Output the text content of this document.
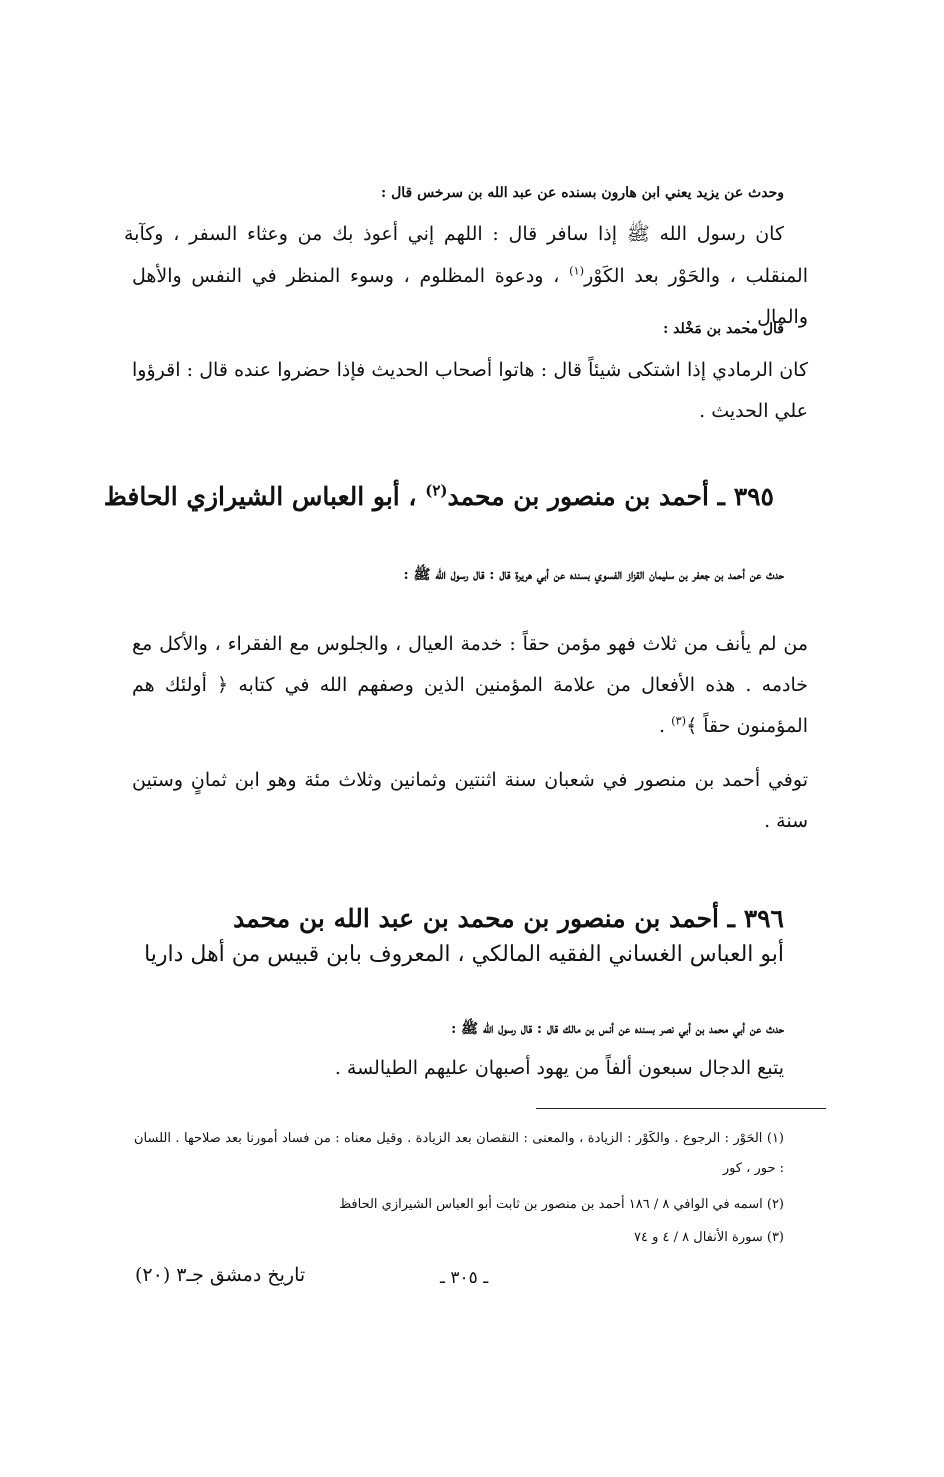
وحدث عن يزيد يعني ابن هارون بسنده عن عبد الله بن سرخس قال :
كان رسول الله ﷺ إذا سافر قال : اللهم إني أعوذ بك من وعثاء السفر ، وكآبة
المنقلب ، والحَوْر بعد الكَوْر$^{(١)}$ ، ودعوة المظلوم ، وسوء المنظر في النفس والأهل والمال .
قال محمد بن مَخْلد :
كان الرمادي إذا اشتكى شيئاً قال : هاتوا أصحاب الحديث فإذا حضروا عنده قال : اقرؤوا علي الحديث .
٣٩٥ ـ أحمد بن منصور بن محمد$^{(٢)}$ ، أبو العباس الشيرازي الحافظ
حدث عن أحمد بن جعفر بن سليمان القزاز الفسوي بسنده عن أبي هريرة قال : قال رسول الله ﷺ :
من لم يأنف من ثلاث فهو مؤمن حقاً : خدمة العيال ، والجلوس مع الفقراء ، والأكل مع خادمه . هذه الأفعال من علامة المؤمنين الذين وصفهم الله في كتابه ﴿ أولئك هم المؤمنون حقاً ﴾$^{(٣)}$ .
توفي أحمد بن منصور في شعبان سنة اثنتين وثمانين وثلاث مئة وهو ابن ثمانٍ وستين سنة .
٣٩٦ ـ أحمد بن منصور بن محمد بن عبد الله بن محمد
أبو العباس الغساني الفقيه المالكي ، المعروف بابن قبيس من أهل داريا
حدث عن أبي محمد بن أبي نصر بسنده عن أنس بن مالك قال : قال رسول الله ﷺ :
يتبع الدجال سبعون ألفاً من يهود أصبهان عليهم الطيالسة .
(١) الحَوْر : الرجوع . والكَوْر : الزيادة ، والمعنى : النقصان بعد الزيادة . وقيل معناه : من فساد أمورنا بعد صلاحها . اللسان : حور ، كور
(٢) اسمه في الوافي ٨ / ١٨٦ أحمد بن منصور بن ثابت أبو العباس الشيرازي الحافظ
(٣) سورة الأنفال ٨ / ٤ و ٧٤
تاريخ دمشق جـ٣ (٢٠)	ـ ٣٠٥ ـ
